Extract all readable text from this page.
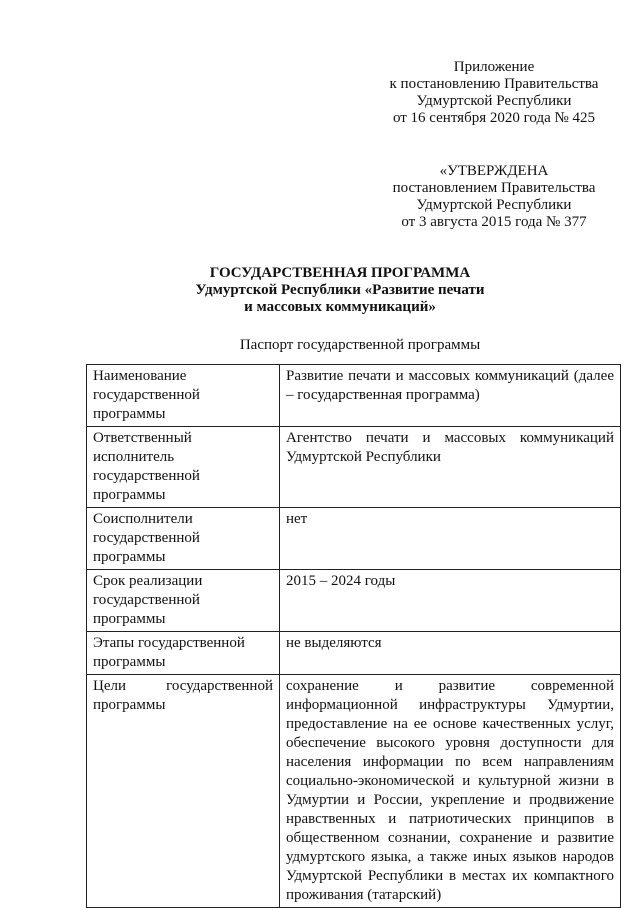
Приложение

к постановлению Правительства

Удмуртской Республики

от 16 сентября 2020 года № 425

«УТВЕРЖДЕНА

постановлением Правительства

Удмуртской Республики

от 3 августа 2015 года № 377

ГОСУДАРСТВЕННАЯ ПРОГРАММА

Удмуртской Республики «Развитие печати

и массовых коммуникаций»

Паспорт государственной программы
Наименование государственной программы	Развитие печати и массовых коммуникаций (далее – государственная программа)
Ответственный исполнитель государственной программы	Агентство печати и массовых коммуникаций Удмуртской Республики
Соисполнители государственной программы	нет
Срок реализации государственной программы	2015 – 2024 годы
Этапы государственной программы	не выделяются
Цели государственной программы	сохранение и развитие современной информационной инфраструктуры Удмуртии, предоставление на ее основе качественных услуг, обеспечение высокого уровня доступности для населения информации по всем направлениям социально-экономической и культурной жизни в Удмуртии и России, укрепление и продвижение нравственных и патриотических принципов в общественном сознании, сохранение и развитие удмуртского языка, а также иных языков народов Удмуртской Республики в местах их компактного проживания (татарский)
